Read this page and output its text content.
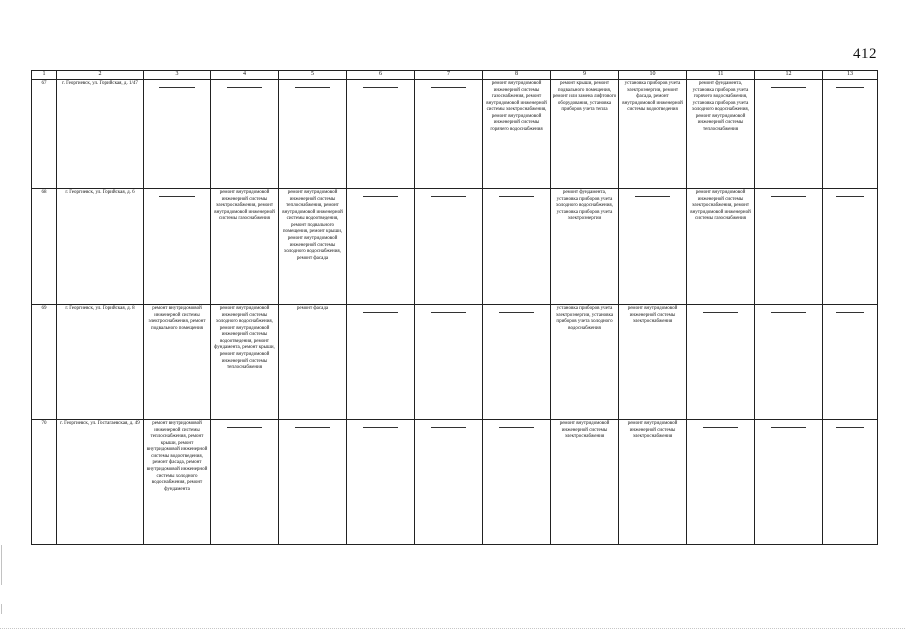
412
1	2	3	4	5	6	7	8	9	10	11	12	13
67	г. Георгиевск, ул. Горийская, д. 1/47						ремонт внутридомовой инженерной системы газоснабжения, ремонт внутридомовой инженерной системы электроснабжения, ремонт внутридомовой инженерной системы горячего водоснабжения	ремонт крыши, ремонт подвального помещения, ремонт или замена лифтового оборудования, установка приборов учета тепла	установка приборов учета электроэнергии, ремонт фасада, ремонт внутридомовой инженерной системы водоотведения	ремонт фундамента, установка приборов учета горячего водоснабжения, установка приборов учета холодного водоснабжения, ремонт внутридомовой инженерной системы теплоснабжения	

68	г. Георгиевск, ул. Горийская, д. 6		ремонт внутридомовой инженерной системы электроснабжения, ремонт внутридомовой инженерной системы газоснабжения	ремонт внутридомовой инженерной системы теплоснабжения, ремонт внутридомовой инженерной системы водоотведения, ремонт подвального помещения, ремонт крыши, ремонт внутридомовой инженерной системы холодного водоснабжения, ремонт фасада				ремонт фундамента, установка приборов учета холодного водоснабжения, установка приборов учета электроэнергии		ремонт внутридомовой инженерной системы электроснабжения, ремонт внутридомовой инженерной системы газоснабжения	

69	г. Георгиевск, ул. Горийская, д. 8	ремонт внутридомовой инженерной системы электроснабжения, ремонт подвального помещения	ремонт внутридомовой инженерной системы холодного водоснабжения, ремонт внутридомовой инженерной системы водоотведения, ремонт фундамента, ремонт крыши, ремонт внутридомовой инженерной системы теплоснабжения	ремонт фасада				установка приборов учета электроэнергии, установка приборов учета холодного водоснабжения	ремонт внутридомовой инженерной системы электроснабжения	

70	г. Георгиевск, ул. Гостагаевская, д. 49	ремонт внутридомовой инженерной системы теплоснабжения, ремонт крыши, ремонт внутридомовой инженерной системы водоотведения, ремонт фасада, ремонт внутридомовой инженерной системы холодного водоснабжения, ремонт фундамента						ремонт внутридомовой инженерной системы электроснабжения	ремонт внутридомовой инженерной системы электроснабжения	
